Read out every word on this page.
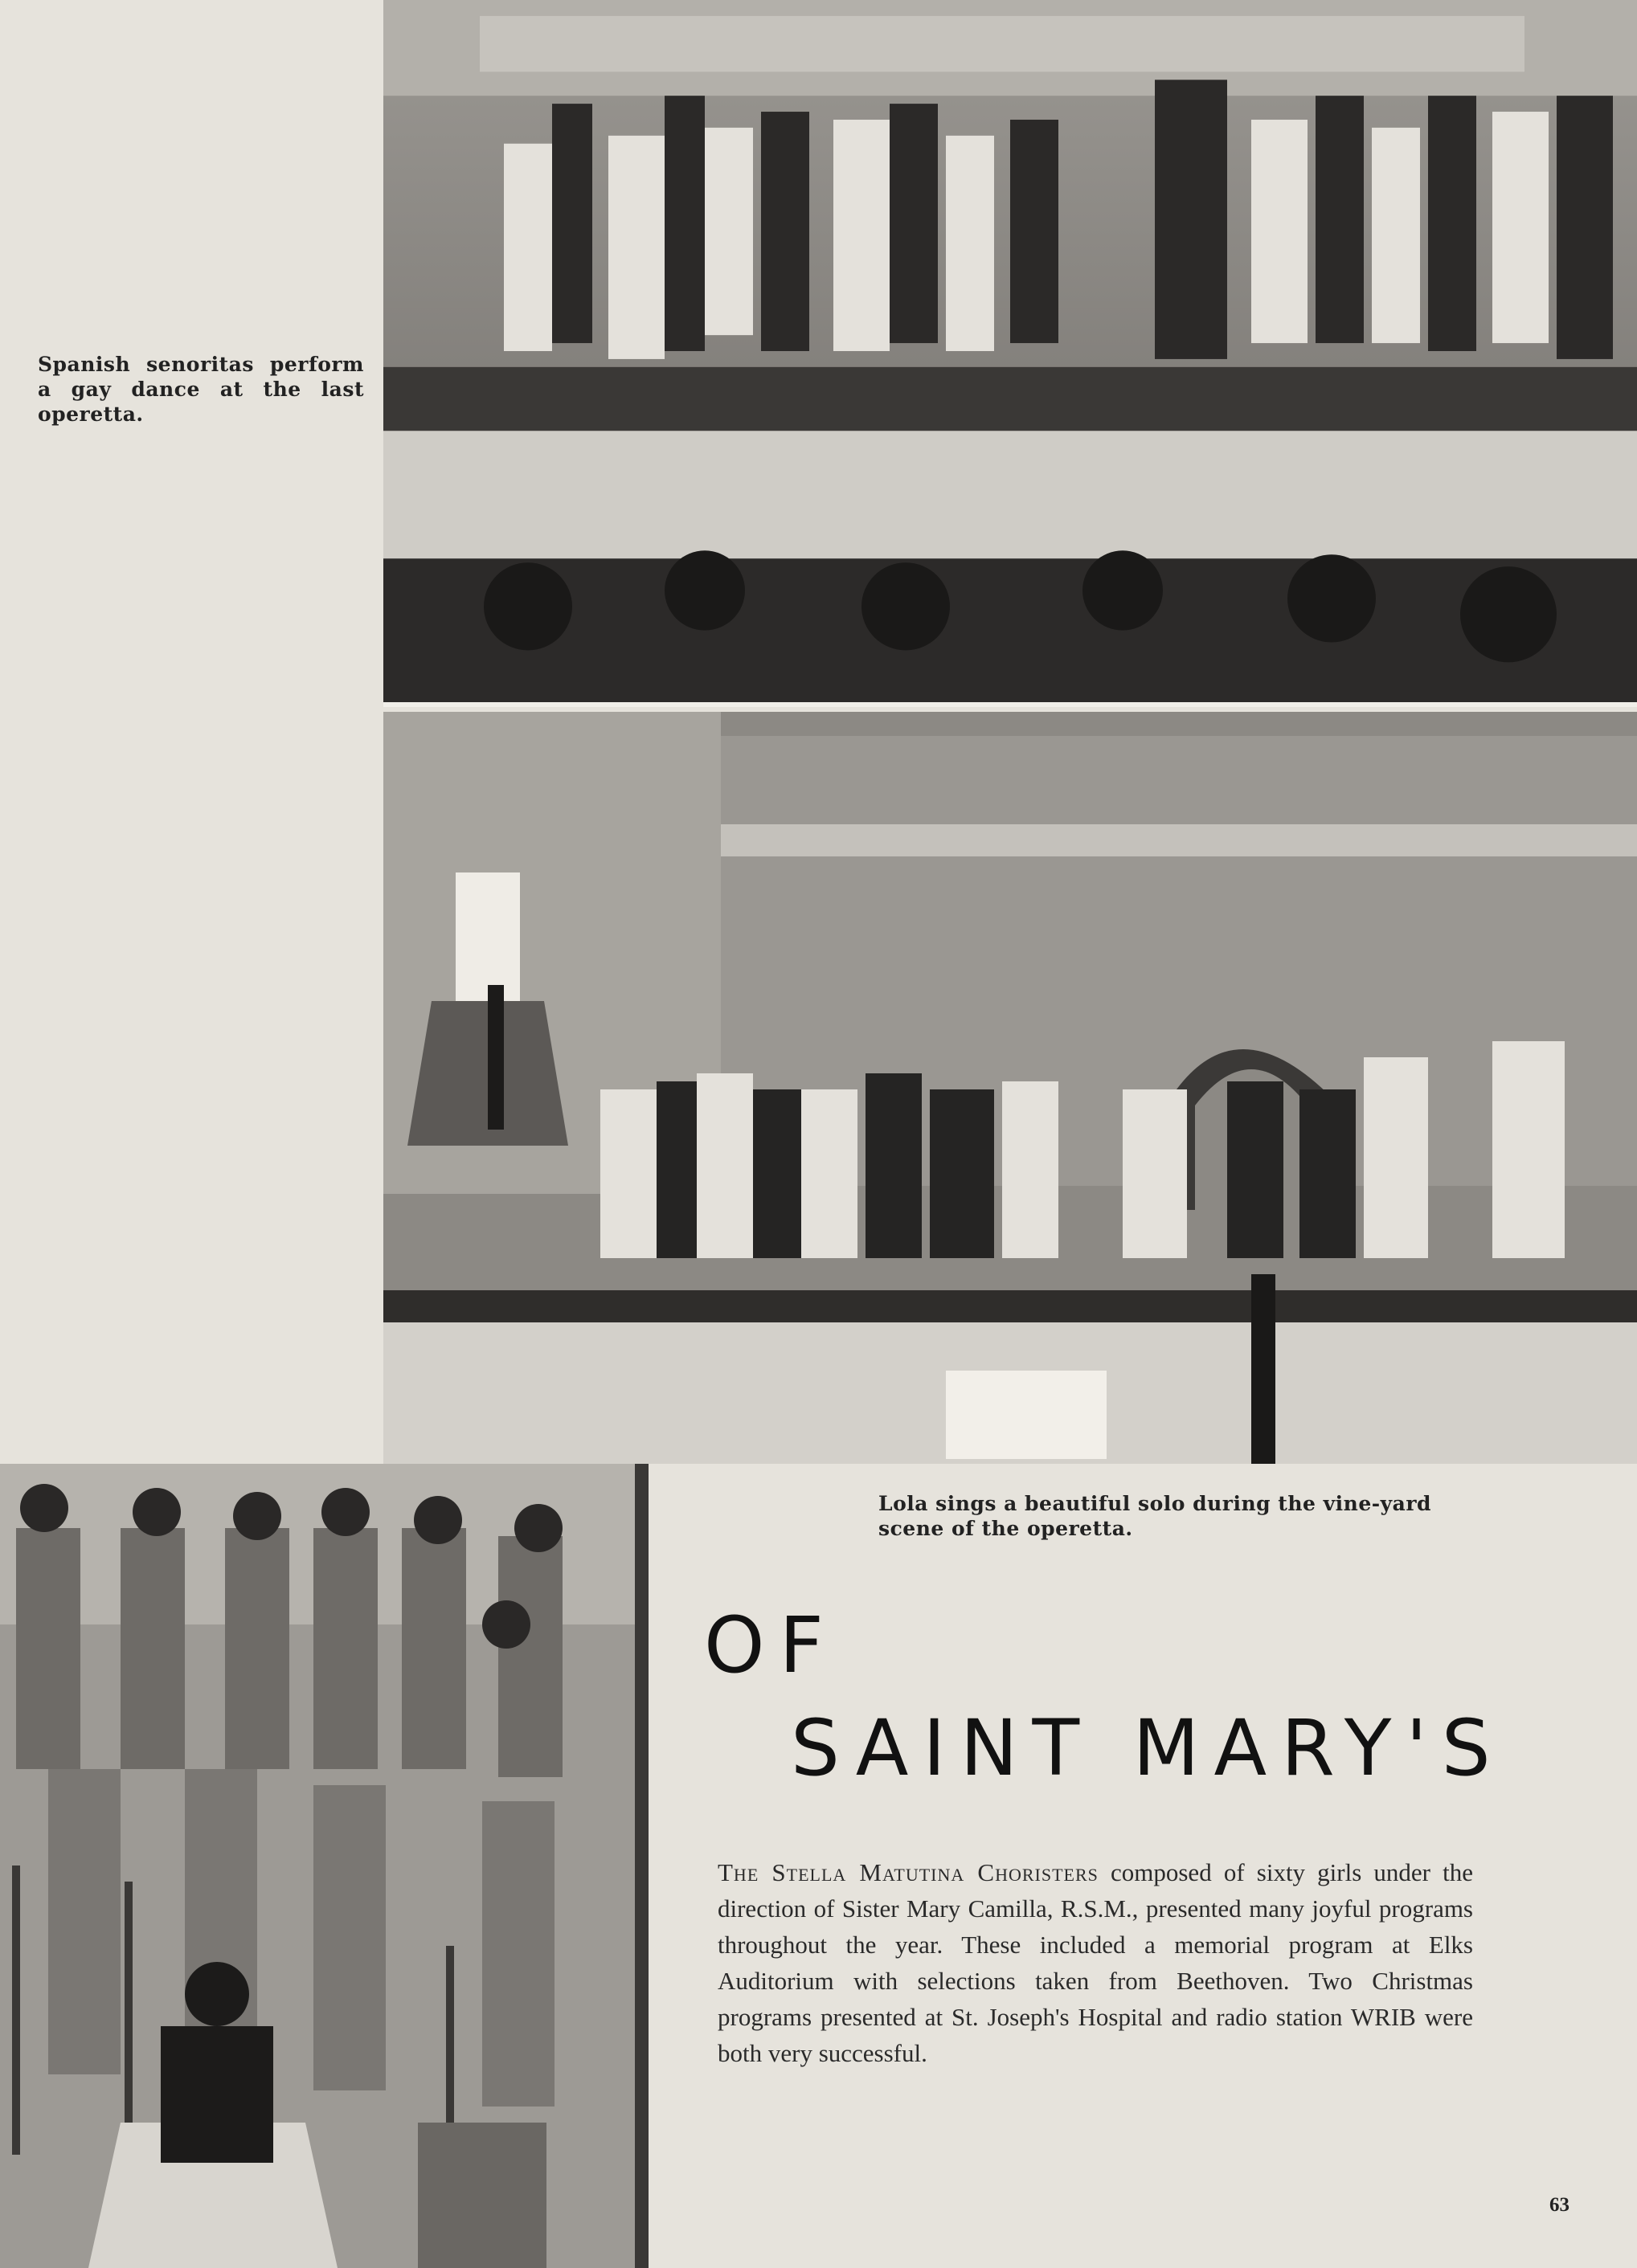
Spanish senoritas perform a gay dance at the last operetta.
Lola sings a beautiful solo during the vine-yard scene of the operetta.
OF
SAINT MARY'S
The Stella Matutina Choristers composed of sixty girls under the direction of Sister Mary Camilla, R.S.M., presented many joyful programs throughout the year. These included a memorial program at Elks Auditorium with selections taken from Beethoven. Two Christmas programs presented at St. Joseph's Hospital and radio station WRIB were both very successful.
63
